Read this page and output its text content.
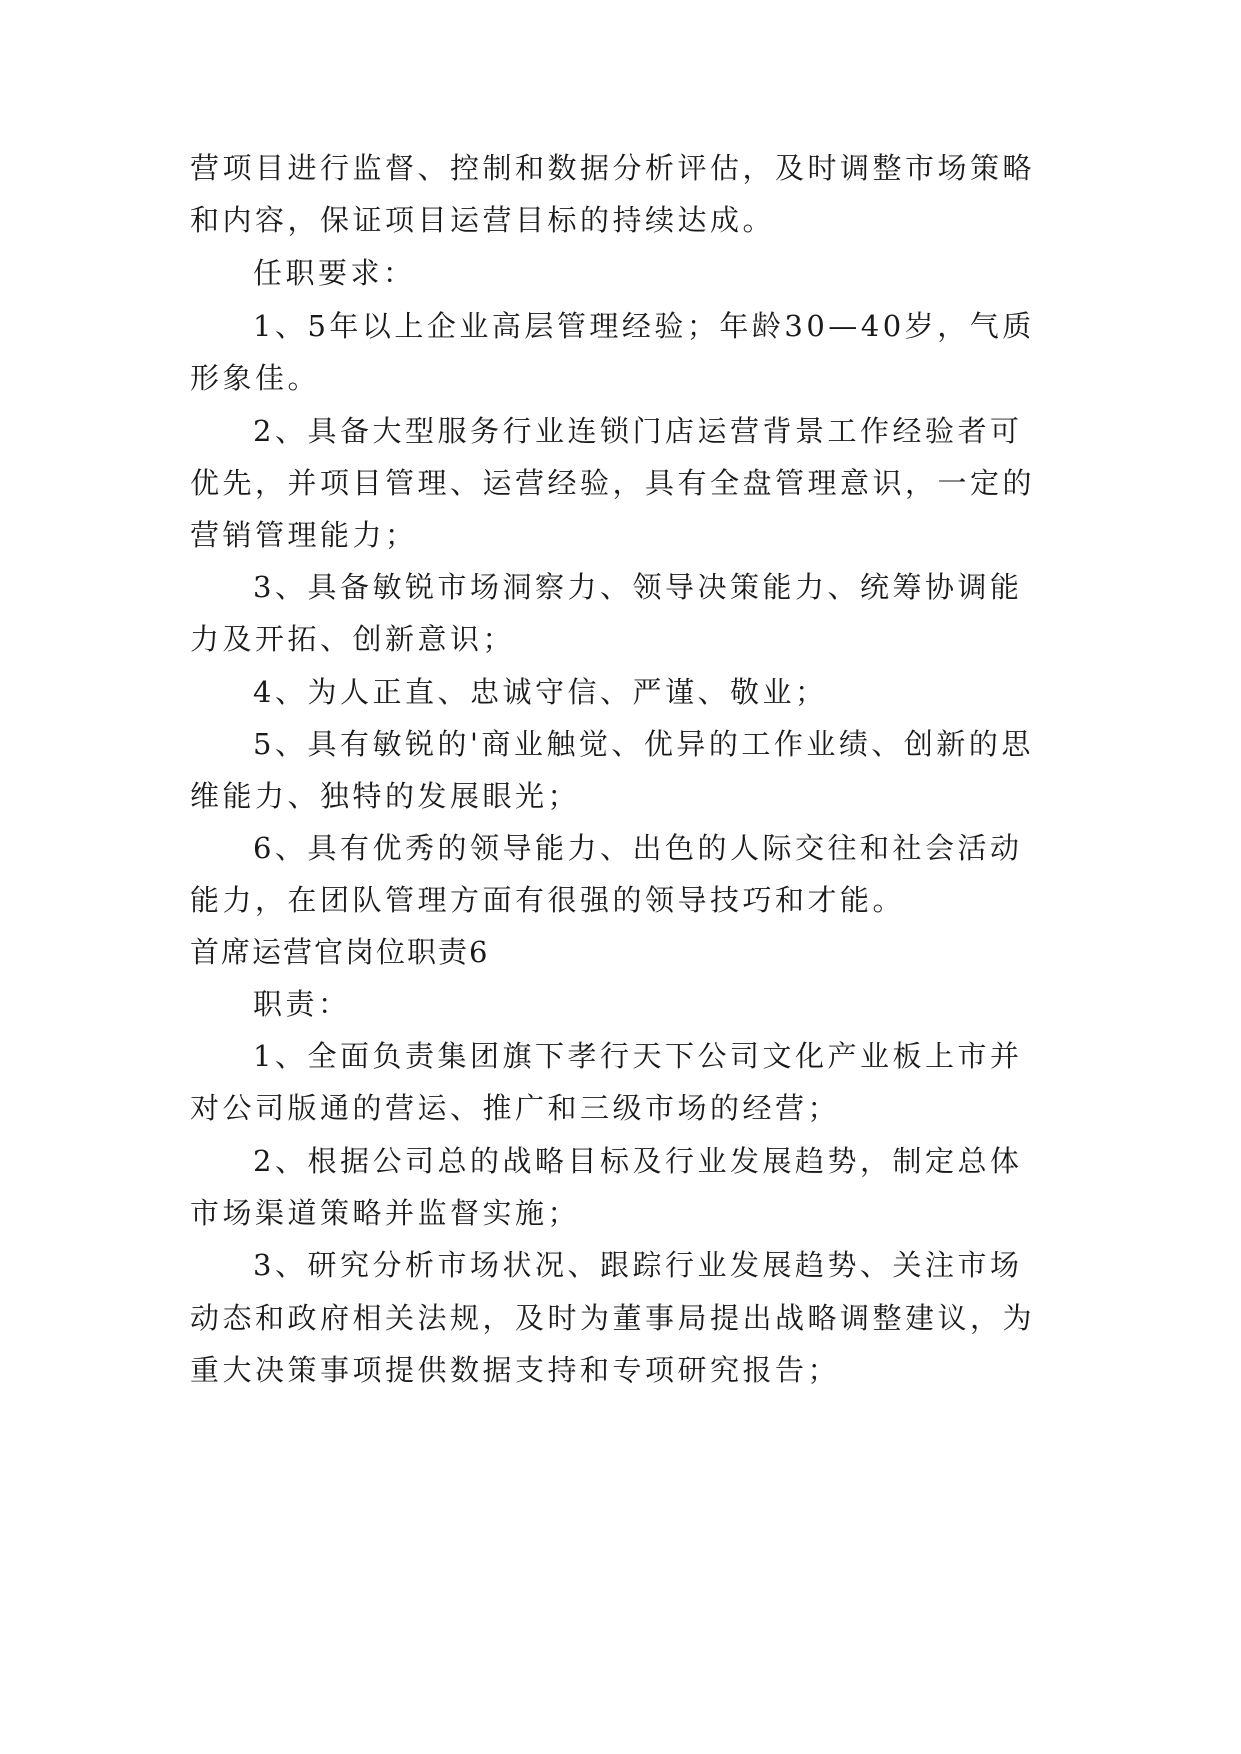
营项目进行监督、控制和数据分析评估，及时调整市场策略
和内容，保证项目运营目标的持续达成。
任职要求：
1、5年以上企业高层管理经验；年龄30—40岁，气质
形象佳。
2、具备大型服务行业连锁门店运营背景工作经验者可
优先，并项目管理、运营经验，具有全盘管理意识，一定的
营销管理能力；
3、具备敏锐市场洞察力、领导决策能力、统筹协调能
力及开拓、创新意识；
4、为人正直、忠诚守信、严谨、敬业；
5、具有敏锐的'商业触觉、优异的工作业绩、创新的思
维能力、独特的发展眼光；
6、具有优秀的领导能力、出色的人际交往和社会活动
能力，在团队管理方面有很强的领导技巧和才能。
首席运营官岗位职责6
职责：
1、全面负责集团旗下孝行天下公司文化产业板上市并
对公司版通的营运、推广和三级市场的经营；
2、根据公司总的战略目标及行业发展趋势，制定总体
市场渠道策略并监督实施；
3、研究分析市场状况、跟踪行业发展趋势、关注市场
动态和政府相关法规，及时为董事局提出战略调整建议，为
重大决策事项提供数据支持和专项研究报告；
